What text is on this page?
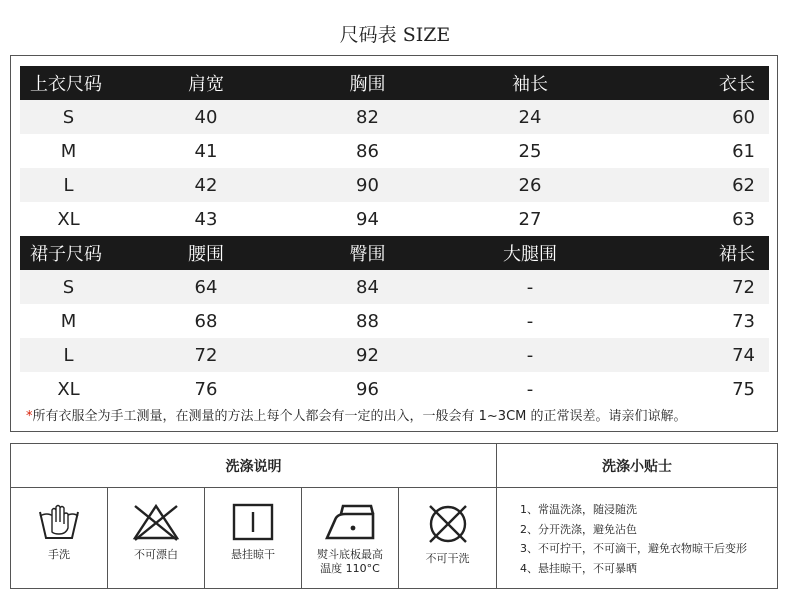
尺码表 SIZE
上衣尺码	肩宽	胸围	袖长	衣长
S	40	82	24	60
M	41	86	25	61
L	42	90	26	62
XL	43	94	27	63
裙子尺码	腰围	臀围	大腿围	裙长
S	64	84	-	72
M	68	88	-	73
L	72	92	-	74
XL	76	96	-	75
*所有衣服全为手工测量，在测量的方法上每个人都会有一定的出入，一般会有 1~3CM 的正常误差。请亲们谅解。
洗涤说明	洗涤小贴士
手洗	不可漂白	悬挂晾干	熨斗底板最高
温度 110°C
不可干洗
1、常温洗涤，随浸随洗
2、分开洗涤，避免沾色
3、不可拧干，不可滴干，避免衣物晾干后变形
4、悬挂晾干，不可暴晒
